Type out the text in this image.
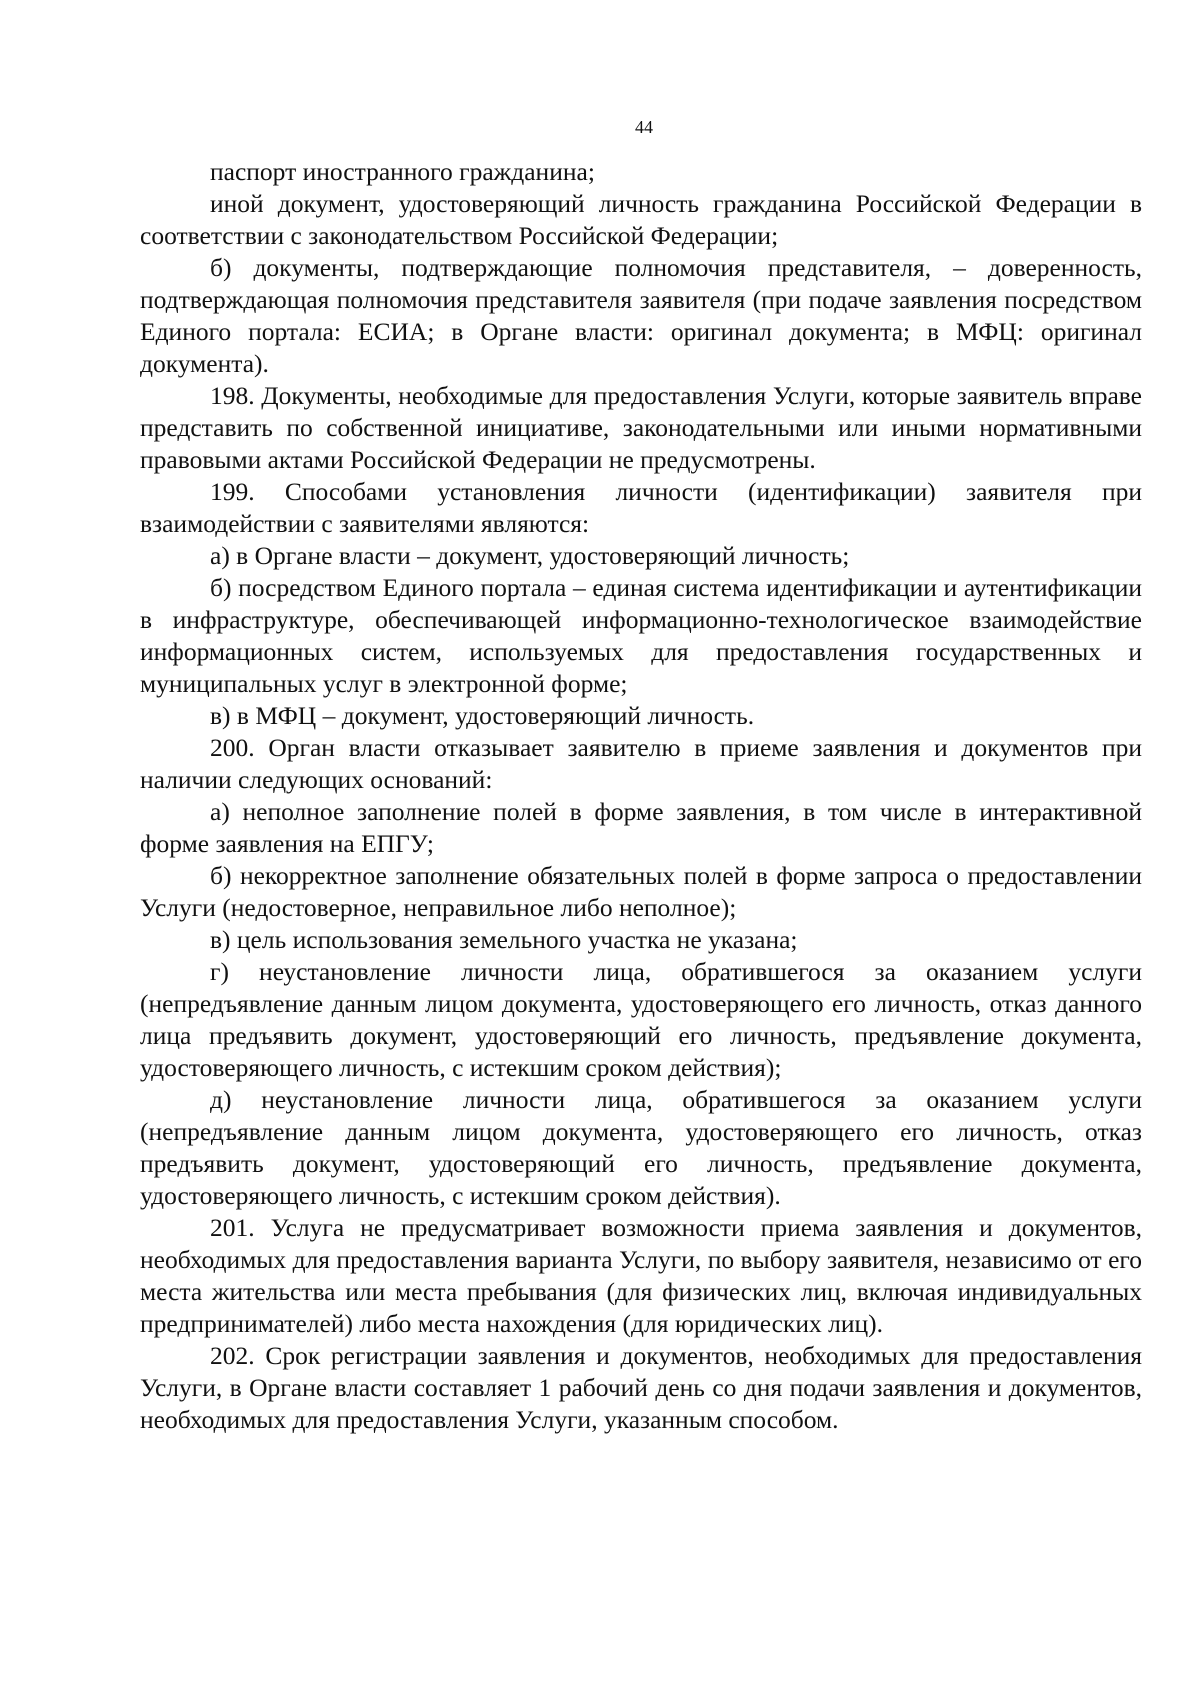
44

паспорт иностранного гражданина;

иной документ, удостоверяющий личность гражданина Российской Федерации в соответствии с законодательством Российской Федерации;

б) документы, подтверждающие полномочия представителя, – доверенность, подтверждающая полномочия представителя заявителя (при подаче заявления посредством Единого портала: ЕСИА; в Органе власти: оригинал документа; в МФЦ: оригинал документа).

198. Документы, необходимые для предоставления Услуги, которые заявитель вправе представить по собственной инициативе, законодательными или иными нормативными правовыми актами Российской Федерации не предусмотрены.

199. Способами установления личности (идентификации) заявителя при взаимодействии с заявителями являются:

а) в Органе власти – документ, удостоверяющий личность;

б) посредством Единого портала – единая система идентификации и аутентификации в инфраструктуре, обеспечивающей информационно-технологическое взаимодействие информационных систем, используемых для предоставления государственных и муниципальных услуг в электронной форме;

в) в МФЦ – документ, удостоверяющий личность.

200. Орган власти отказывает заявителю в приеме заявления и документов при наличии следующих оснований:

а) неполное заполнение полей в форме заявления, в том числе в интерактивной форме заявления на ЕПГУ;

б) некорректное заполнение обязательных полей в форме запроса о предоставлении Услуги (недостоверное, неправильное либо неполное);

в) цель использования земельного участка не указана;

г) неустановление личности лица, обратившегося за оказанием услуги (непредъявление данным лицом документа, удостоверяющего его личность, отказ данного лица предъявить документ, удостоверяющий его личность, предъявление документа, удостоверяющего личность, с истекшим сроком действия);

д) неустановление личности лица, обратившегося за оказанием услуги (непредъявление данным лицом документа, удостоверяющего его личность, отказ предъявить документ, удостоверяющий его личность, предъявление документа, удостоверяющего личность, с истекшим сроком действия).

201. Услуга не предусматривает возможности приема заявления и документов, необходимых для предоставления варианта Услуги, по выбору заявителя, независимо от его места жительства или места пребывания (для физических лиц, включая индивидуальных предпринимателей) либо места нахождения (для юридических лиц).

202. Срок регистрации заявления и документов, необходимых для предоставления Услуги, в Органе власти составляет 1 рабочий день со дня подачи заявления и документов, необходимых для предоставления Услуги, указанным способом.
